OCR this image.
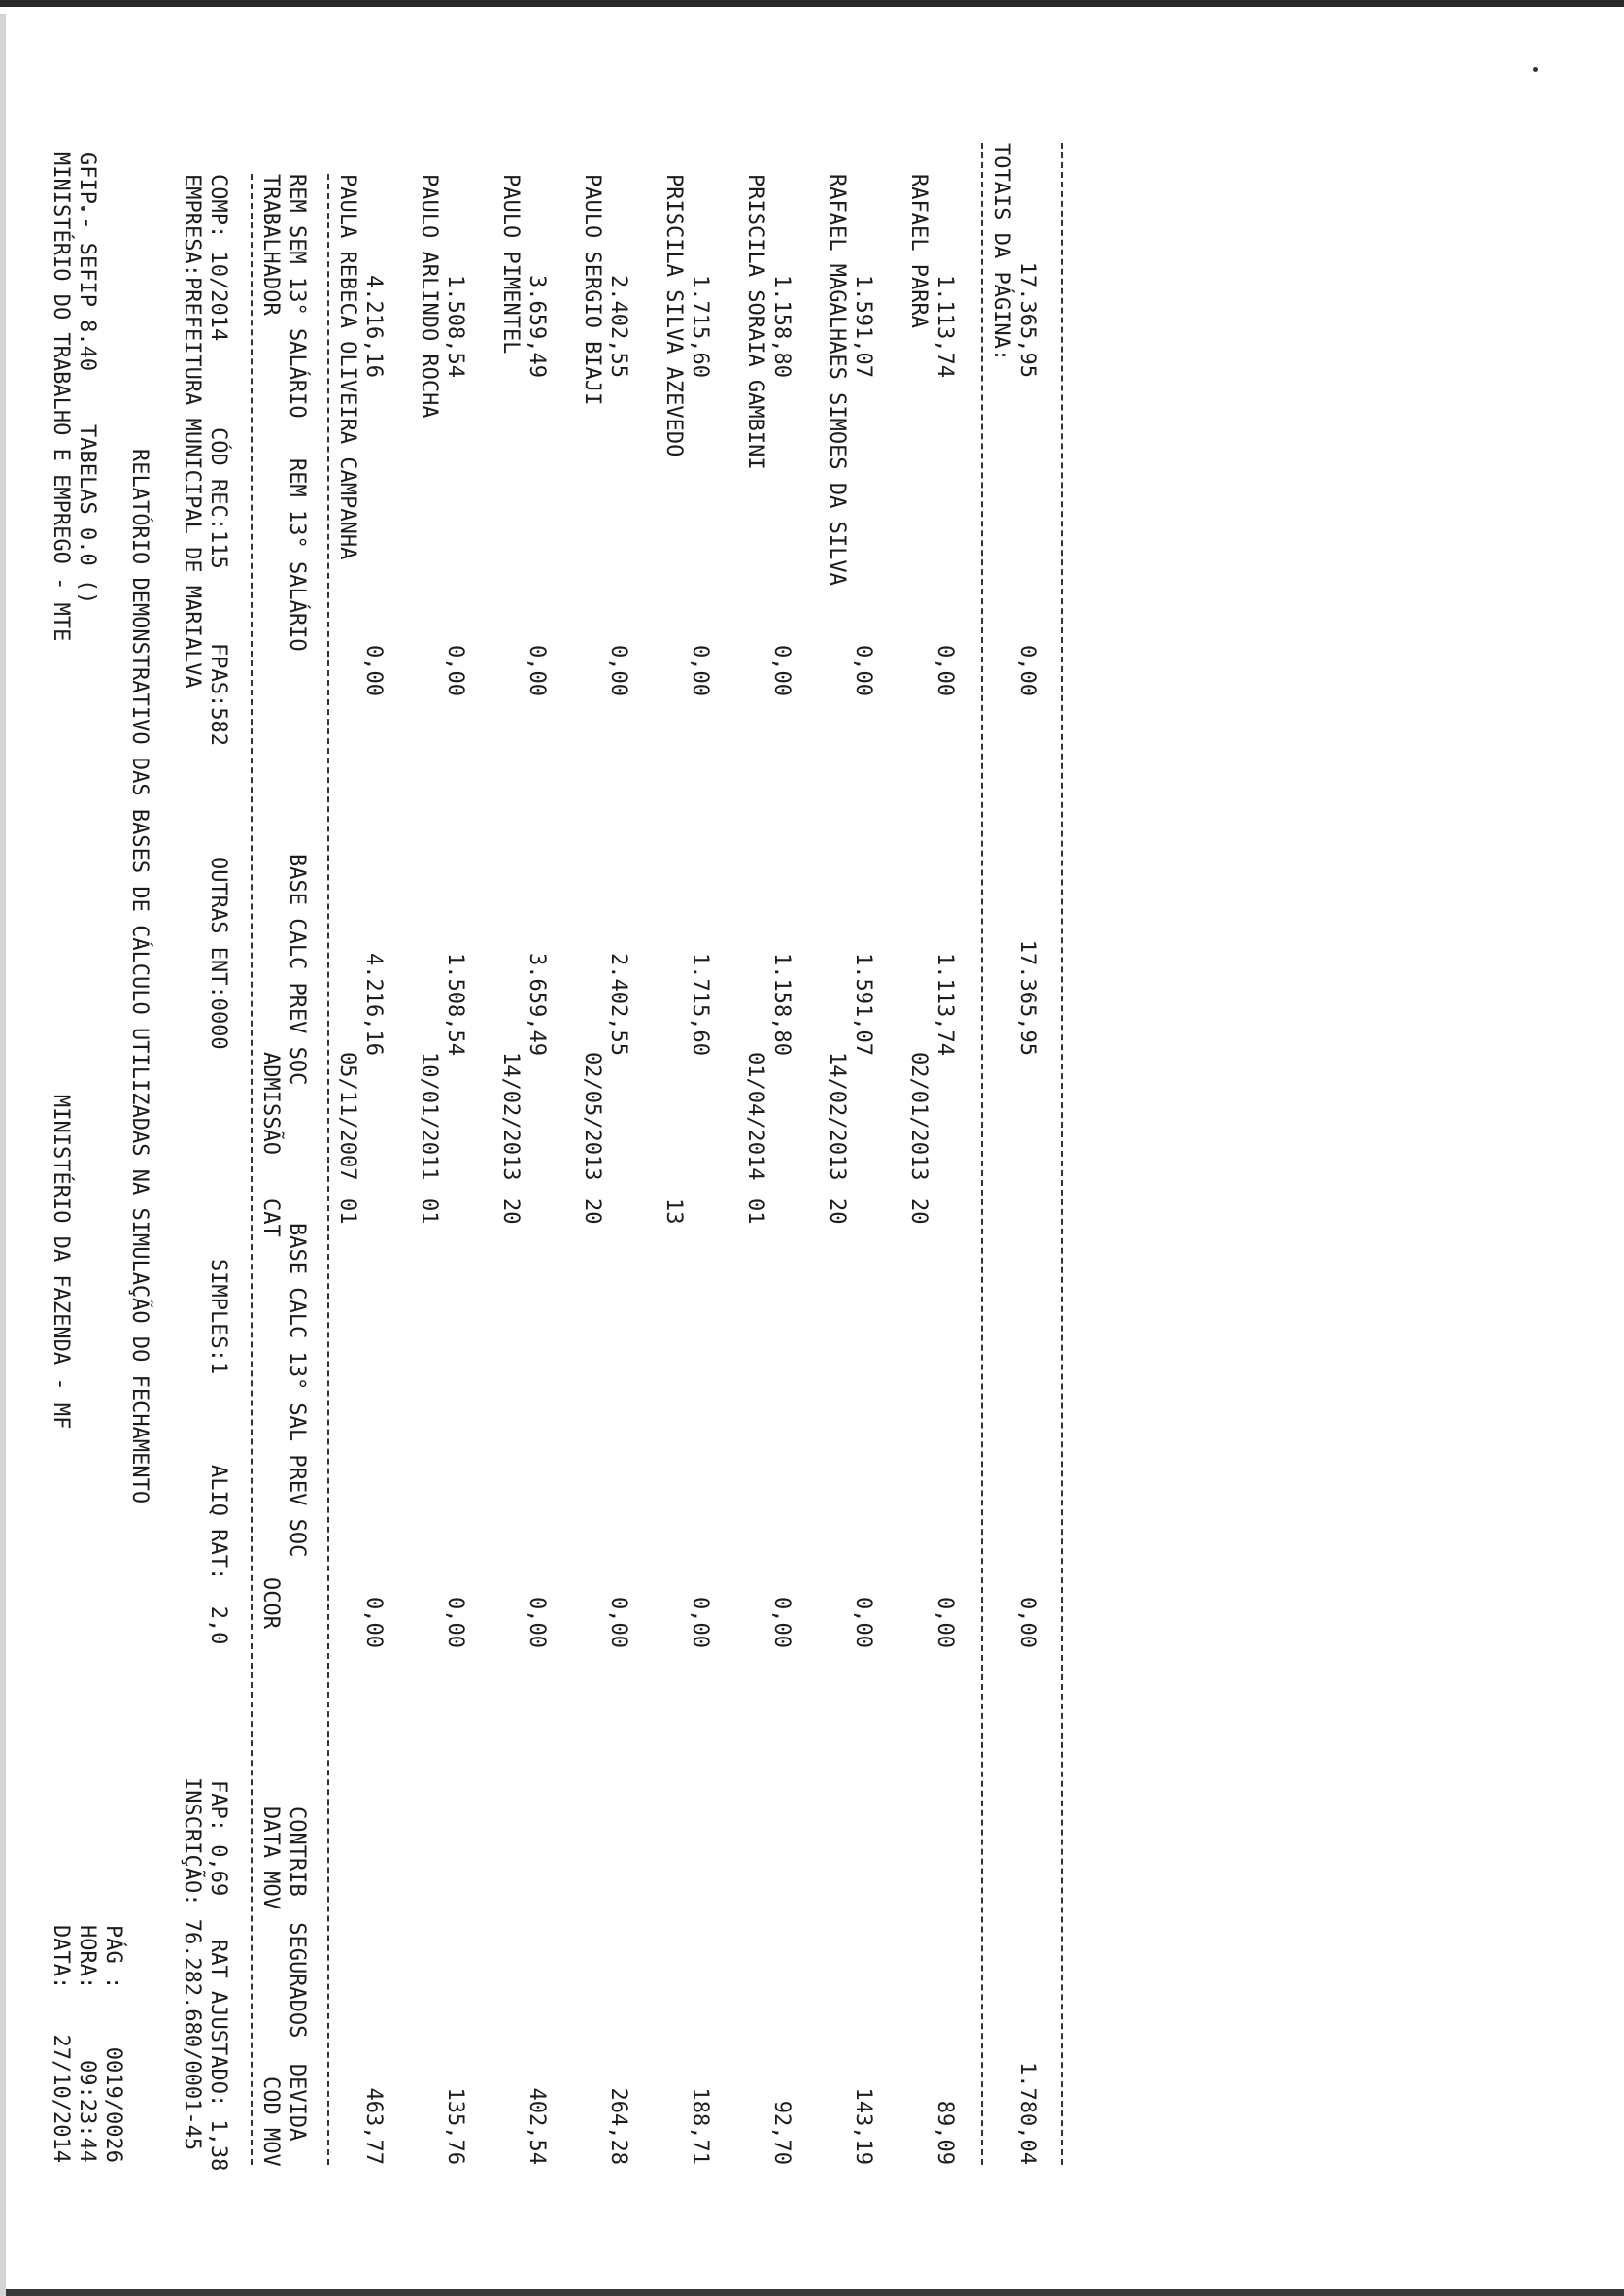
MINISTÉRIO DO TRABALHO E EMPREGO - MTE
MINISTÉRIO DA FAZENDA - MF
DATA:
27/10/2014
GFIP - SEFIP 8.40
TABELAS 0.0 ()
HORA:
09:23:44
PÁG :
0019/0026
RELATÓRIO DEMONSTRATIVO DAS BASES DE CÁLCULO UTILIZADAS NA SIMULAÇÃO DO FECHAMENTO
EMPRESA:PREFEITURA MUNICIPAL DE MARIALVA
INSCRIÇÃO: 76.282.680/0001-45
COMP: 10/2014
CÓD REC:115
FPAS:582
OUTRAS ENT:0000
SIMPLES:1
ALIQ RAT:  2,0
FAP: 0,69
RAT AJUSTADO: 1,38
TRABALHADOR
ADMISSÃO
CAT
OCOR
DATA MOV
COD MOV
REM SEM 13° SALÁRIO
REM 13° SALÁRIO
BASE CALC PREV SOC
BASE CALC 13° SAL PREV SOC
CONTRIB  SEGURADOS  DEVIDA
PAULA REBECA OLIVEIRA CAMPANHA
05/11/2007
01
4.216,16
0,00
4.216,16
0,00
463,77
PAULO ARLINDO ROCHA
10/01/2011
01
1.508,54
0,00
1.508,54
0,00
135,76
PAULO PIMENTEL
14/02/2013
20
3.659,49
0,00
3.659,49
0,00
402,54
PAULO SERGIO BIAJI
02/05/2013
20
2.402,55
0,00
2.402,55
0,00
264,28
PRISCILA SILVA AZEVEDO
13
1.715,60
0,00
1.715,60
0,00
188,71
PRISCILA SORAIA GAMBINI
01/04/2014
01
1.158,80
0,00
1.158,80
0,00
92,70
RAFAEL MAGALHAES SIMOES DA SILVA
14/02/2013
20
1.591,07
0,00
1.591,07
0,00
143,19
RAFAEL PARRA
02/01/2013
20
1.113,74
0,00
1.113,74
0,00
89,09
TOTAIS DA PÁGINA: 17.365,95
0,00
17.365,95
0,00
1.780,04
